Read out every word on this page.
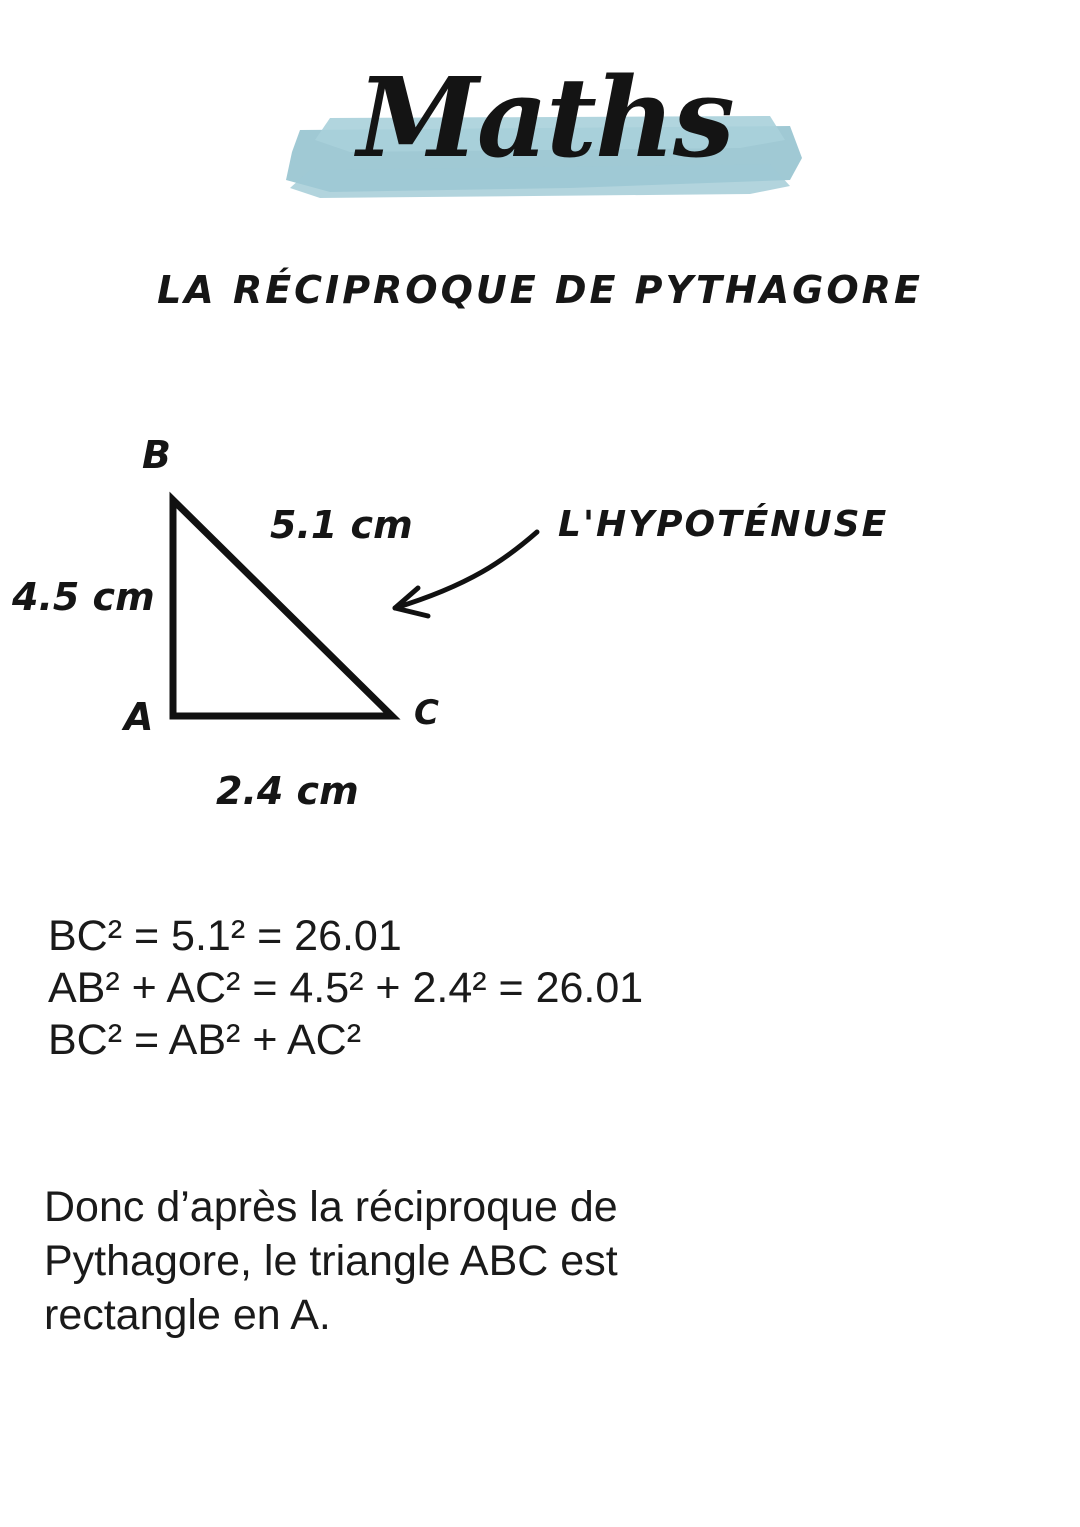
Maths
LA RÉCIPROQUE DE PYTHAGORE
B
A	C
5.1 cm
4.5 cm
2.4 cm
L'HYPOTÉNUSE
BC² = 5.1² = 26.01
AB² + AC² = 4.5² + 2.4² = 26.01
BC² = AB² + AC²
Donc d’après la réciproque de Pythagore, le triangle ABC est rectangle en A.
